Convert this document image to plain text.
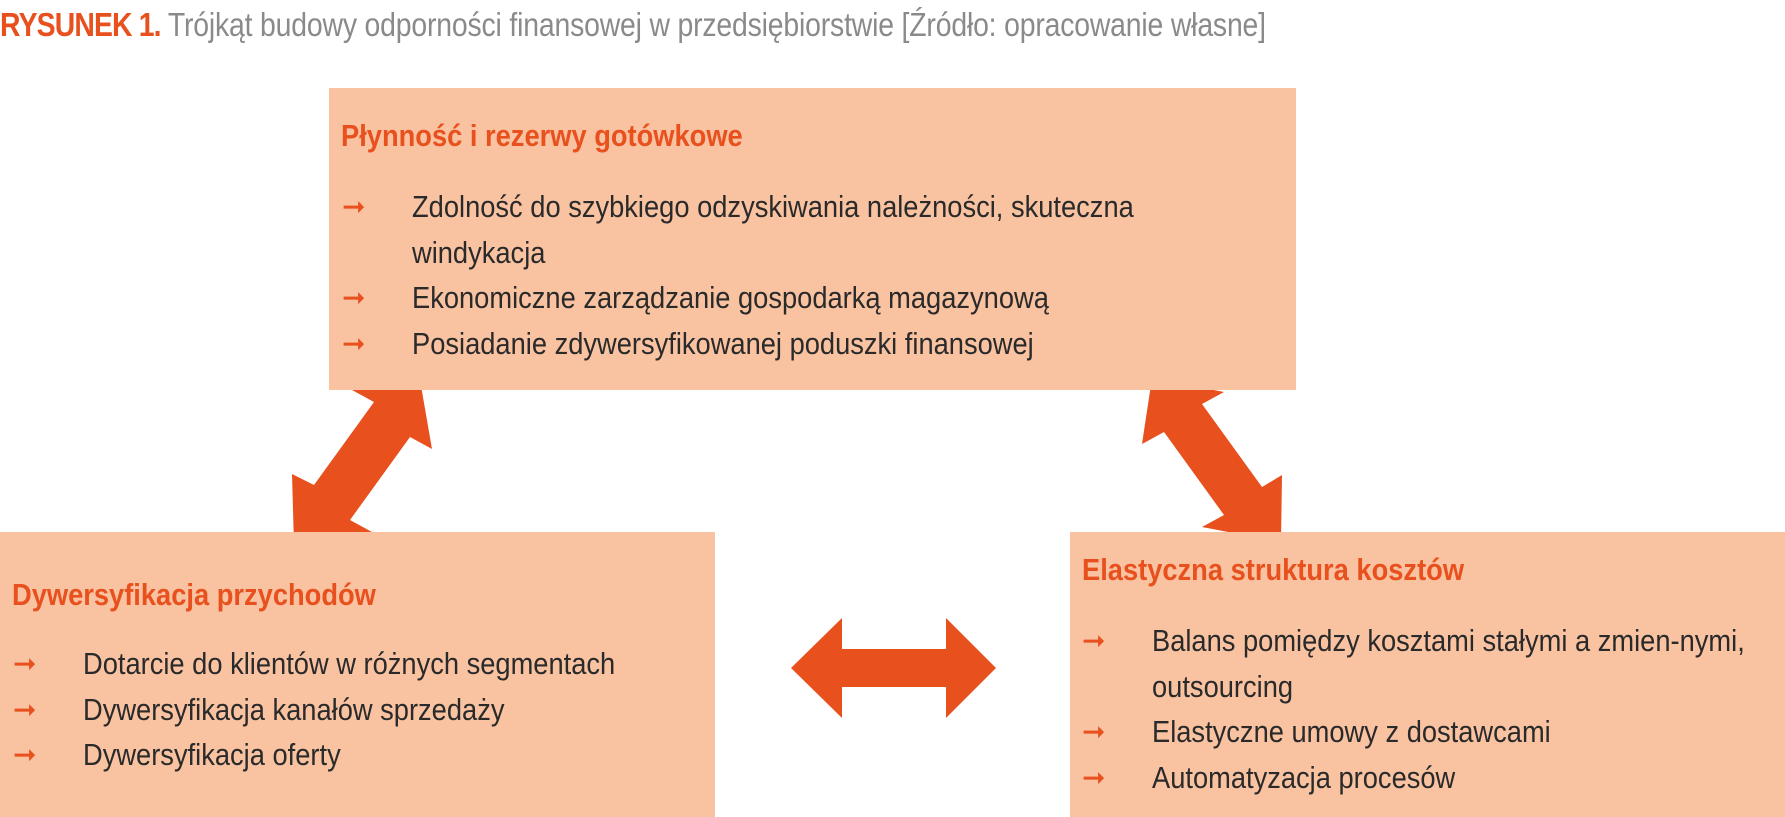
RYSUNEK 1. Trójkąt budowy odporności finansowej w przedsiębiorstwie [Źródło: opracowanie własne]
Płynność i rezerwy gotówkowe
➞ Zdolność do szybkiego odzyskiwania należności, skuteczna windykacja
➞ Ekonomiczne zarządzanie gospodarką magazynową
➞ Posiadanie zdywersyfikowanej poduszki finansowej
Dywersyfikacja przychodów
➞ Dotarcie do klientów w różnych segmentach
➞ Dywersyfikacja kanałów sprzedaży
➞ Dywersyfikacja oferty
Elastyczna struktura kosztów
➞ Balans pomiędzy kosztami stałymi a zmien-nymi, outsourcing
➞ Elastyczne umowy z dostawcami
➞ Automatyzacja procesów
